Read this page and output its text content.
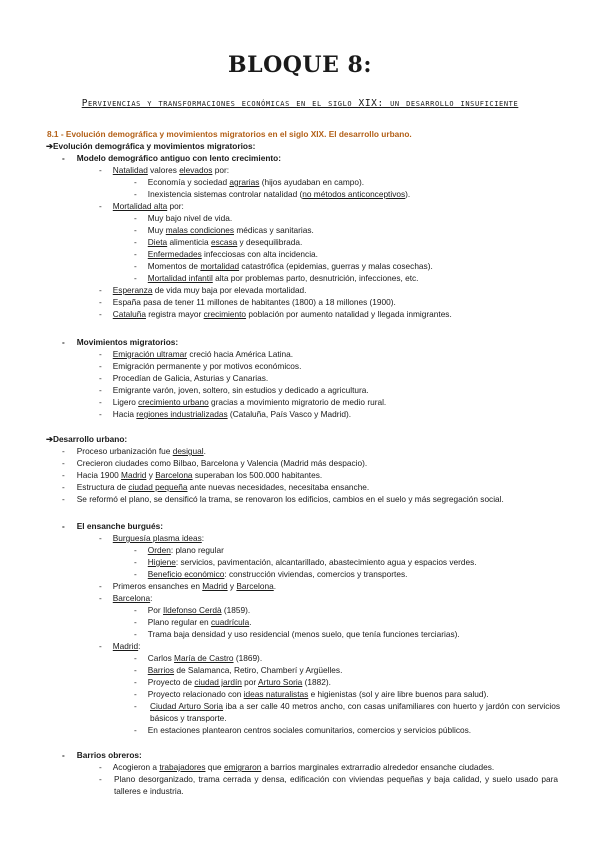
BLOQUE 8:
Pervivencias y transformaciones económicas en el siglo XIX: un desarrollo insuficiente
8.1 - Evolución demográfica y movimientos migratorios en el siglo XIX. El desarrollo urbano.
➔Evolución demográfica y movimientos migratorios:
- Modelo demográfico antiguo con lento crecimiento:
- Natalidad valores elevados por:
- Economía y sociedad agrarias (hijos ayudaban en campo).
- Inexistencia sistemas controlar natalidad (no métodos anticonceptivos).
- Mortalidad alta por:
- Muy bajo nivel de vida.
- Muy malas condiciones médicas y sanitarias.
- Dieta alimenticia escasa y desequilibrada.
- Enfermedades infecciosas con alta incidencia.
- Momentos de mortalidad catastrófica (epidemias, guerras y malas cosechas).
- Mortalidad infantil alta por problemas parto, desnutrición, infecciones, etc.
- Esperanza de vida muy baja por elevada mortalidad.
- España pasa de tener 11 millones de habitantes (1800) a 18 millones (1900).
- Cataluña registra mayor crecimiento población por aumento natalidad y llegada inmigrantes.
- Movimientos migratorios:
- Emigración ultramar creció hacia América Latina.
- Emigración permanente y por motivos económicos.
- Procedían de Galicia, Asturias y Canarias.
- Emigrante varón, joven, soltero, sin estudios y dedicado a agricultura.
- Ligero crecimiento urbano gracias a movimiento migratorio de medio rural.
- Hacia regiones industrializadas (Cataluña, País Vasco y Madrid).
➔Desarrollo urbano:
- Proceso urbanización fue desigual.
- Crecieron ciudades como Bilbao, Barcelona y Valencia (Madrid más despacio).
- Hacia 1900 Madrid y Barcelona superaban los 500.000 habitantes.
- Estructura de ciudad pequeña ante nuevas necesidades, necesitaba ensanche.
- Se reformó el plano, se densificó la trama, se renovaron los edificios, cambios en el suelo y más segregación social.
- El ensanche burgués:
- Burguesía plasma ideas:
- Orden: plano regular
- Higiene: servicios, pavimentación, alcantarillado, abastecimiento agua y espacios verdes.
- Beneficio económico: construcción viviendas, comercios y transportes.
- Primeros ensanches en Madrid y Barcelona.
- Barcelona:
- Por Ildefonso Cerdà (1859).
- Plano regular en cuadrícula.
- Trama baja densidad y uso residencial (menos suelo, que tenía funciones terciarias).
- Madrid:
- Carlos María de Castro (1869).
- Barrios de Salamanca, Retiro, Chamberí y Argüelles.
- Proyecto de ciudad jardín por Arturo Soria (1882).
- Proyecto relacionado con ideas naturalistas e higienistas (sol y aire libre buenos para salud).
- Ciudad Arturo Soria iba a ser calle 40 metros ancho, con casas unifamiliares con huerto y jardón con servicios básicos y transporte.
- En estaciones plantearon centros sociales comunitarios, comercios y servicios públicos.
- Barrios obreros:
- Acogieron a trabajadores que emigraron a barrios marginales extrarradio alrededor ensanche ciudades.
- Plano desorganizado, trama cerrada y densa, edificación con viviendas pequeñas y baja calidad, y suelo usado para talleres e industria.
